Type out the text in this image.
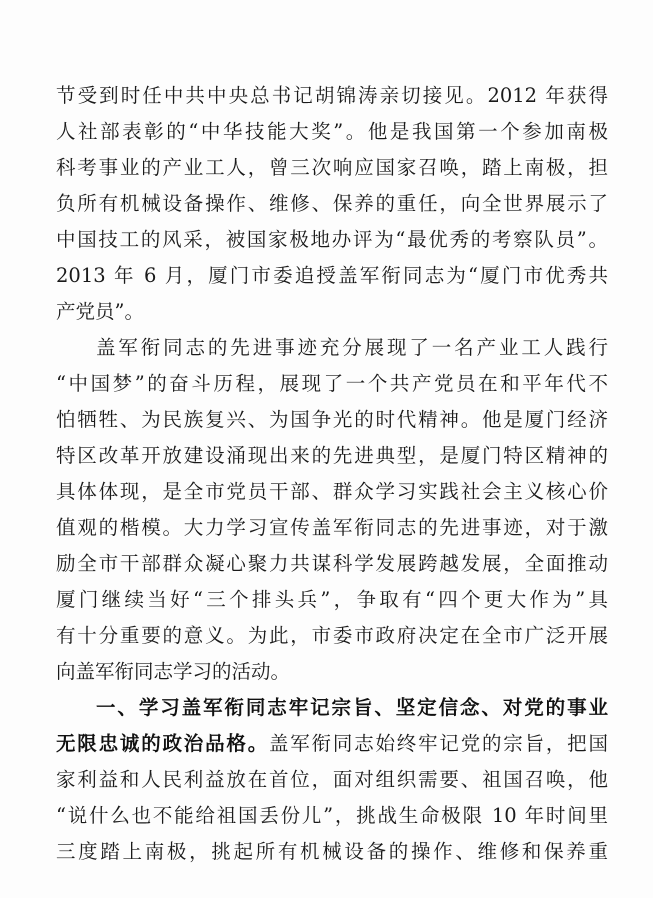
节受到时任中共中央总书记胡锦涛亲切接见。2012 年获得
人社部表彰的“中华技能大奖”。他是我国第一个参加南极
科考事业的产业工人，曾三次响应国家召唤，踏上南极，担
负所有机械设备操作、维修、保养的重任，向全世界展示了
中国技工的风采，被国家极地办评为“最优秀的考察队员”。
2013 年 6 月，厦门市委追授盖军衔同志为“厦门市优秀共
产党员”。
盖军衔同志的先进事迹充分展现了一名产业工人践行
“中国梦”的奋斗历程，展现了一个共产党员在和平年代不
怕牺牲、为民族复兴、为国争光的时代精神。他是厦门经济
特区改革开放建设涌现出来的先进典型，是厦门特区精神的
具体体现，是全市党员干部、群众学习实践社会主义核心价
值观的楷模。大力学习宣传盖军衔同志的先进事迹，对于激
励全市干部群众凝心聚力共谋科学发展跨越发展，全面推动
厦门继续当好“三个排头兵”，争取有“四个更大作为”具
有十分重要的意义。为此，市委市政府决定在全市广泛开展
向盖军衔同志学习的活动。
一、学习盖军衔同志牢记宗旨、坚定信念、对党的事业
无限忠诚的政治品格。盖军衔同志始终牢记党的宗旨，把国
家利益和人民利益放在首位，面对组织需要、祖国召唤，他
“说什么也不能给祖国丢份儿”，挑战生命极限 10 年时间里
三度踏上南极，挑起所有机械设备的操作、维修和保养重
